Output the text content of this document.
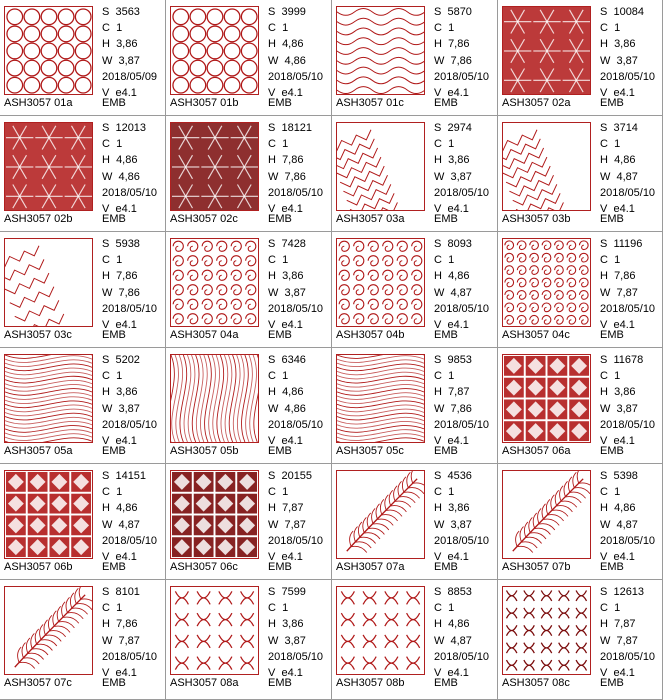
S  3563
C  1
H  3,86
W  3,87
2018/05/09
V  e4.1
ASH3057 01a	EMB
S  3999
C  1
H  4,86
W  4,86
2018/05/10
V  e4.1
ASH3057 01b	EMB
S  5870
C  1
H  7,86
W  7,86
2018/05/10
V  e4.1
ASH3057 01c	EMB
S  10084
C  1
H  3,86
W  3,87
2018/05/10
V  e4.1
ASH3057 02a	EMB
S  12013
C  1
H  4,86
W  4,86
2018/05/10
V  e4.1
ASH3057 02b	EMB
S  18121
C  1
H  7,86
W  7,86
2018/05/10
V  e4.1
ASH3057 02c	EMB
S  2974
C  1
H  3,86
W  3,87
2018/05/10
V  e4.1
ASH3057 03a	EMB
S  3714
C  1
H  4,86
W  4,87
2018/05/10
V  e4.1
ASH3057 03b	EMB
S  5938
C  1
H  7,86
W  7,86
2018/05/10
V  e4.1
ASH3057 03c	EMB
S  7428
C  1
H  3,86
W  3,87
2018/05/10
V  e4.1
ASH3057 04a	EMB
S  8093
C  1
H  4,86
W  4,87
2018/05/10
V  e4.1
ASH3057 04b	EMB
S  11196
C  1
H  7,86
W  7,87
2018/05/10
V  e4.1
ASH3057 04c	EMB
S  5202
C  1
H  3,86
W  3,87
2018/05/10
V  e4.1
ASH3057 05a	EMB
S  6346
C  1
H  4,86
W  4,86
2018/05/10
V  e4.1
ASH3057 05b	EMB
S  9853
C  1
H  7,87
W  7,86
2018/05/10
V  e4.1
ASH3057 05c	EMB
S  11678
C  1
H  3,86
W  3,87
2018/05/10
V  e4.1
ASH3057 06a	EMB
S  14151
C  1
H  4,86
W  4,87
2018/05/10
V  e4.1
ASH3057 06b	EMB
S  20155
C  1
H  7,87
W  7,87
2018/05/10
V  e4.1
ASH3057 06c	EMB
S  4536
C  1
H  3,86
W  3,87
2018/05/10
V  e4.1
ASH3057 07a	EMB
S  5398
C  1
H  4,86
W  4,87
2018/05/10
V  e4.1
ASH3057 07b	EMB
S  8101
C  1
H  7,86
W  7,87
2018/05/10
V  e4.1
ASH3057 07c	EMB
S  7599
C  1
H  3,86
W  3,87
2018/05/10
V  e4.1
ASH3057 08a	EMB
S  8853
C  1
H  4,86
W  4,87
2018/05/10
V  e4.1
ASH3057 08b	EMB
S  12613
C  1
H  7,87
W  7,87
2018/05/10
V  e4.1
ASH3057 08c	EMB
